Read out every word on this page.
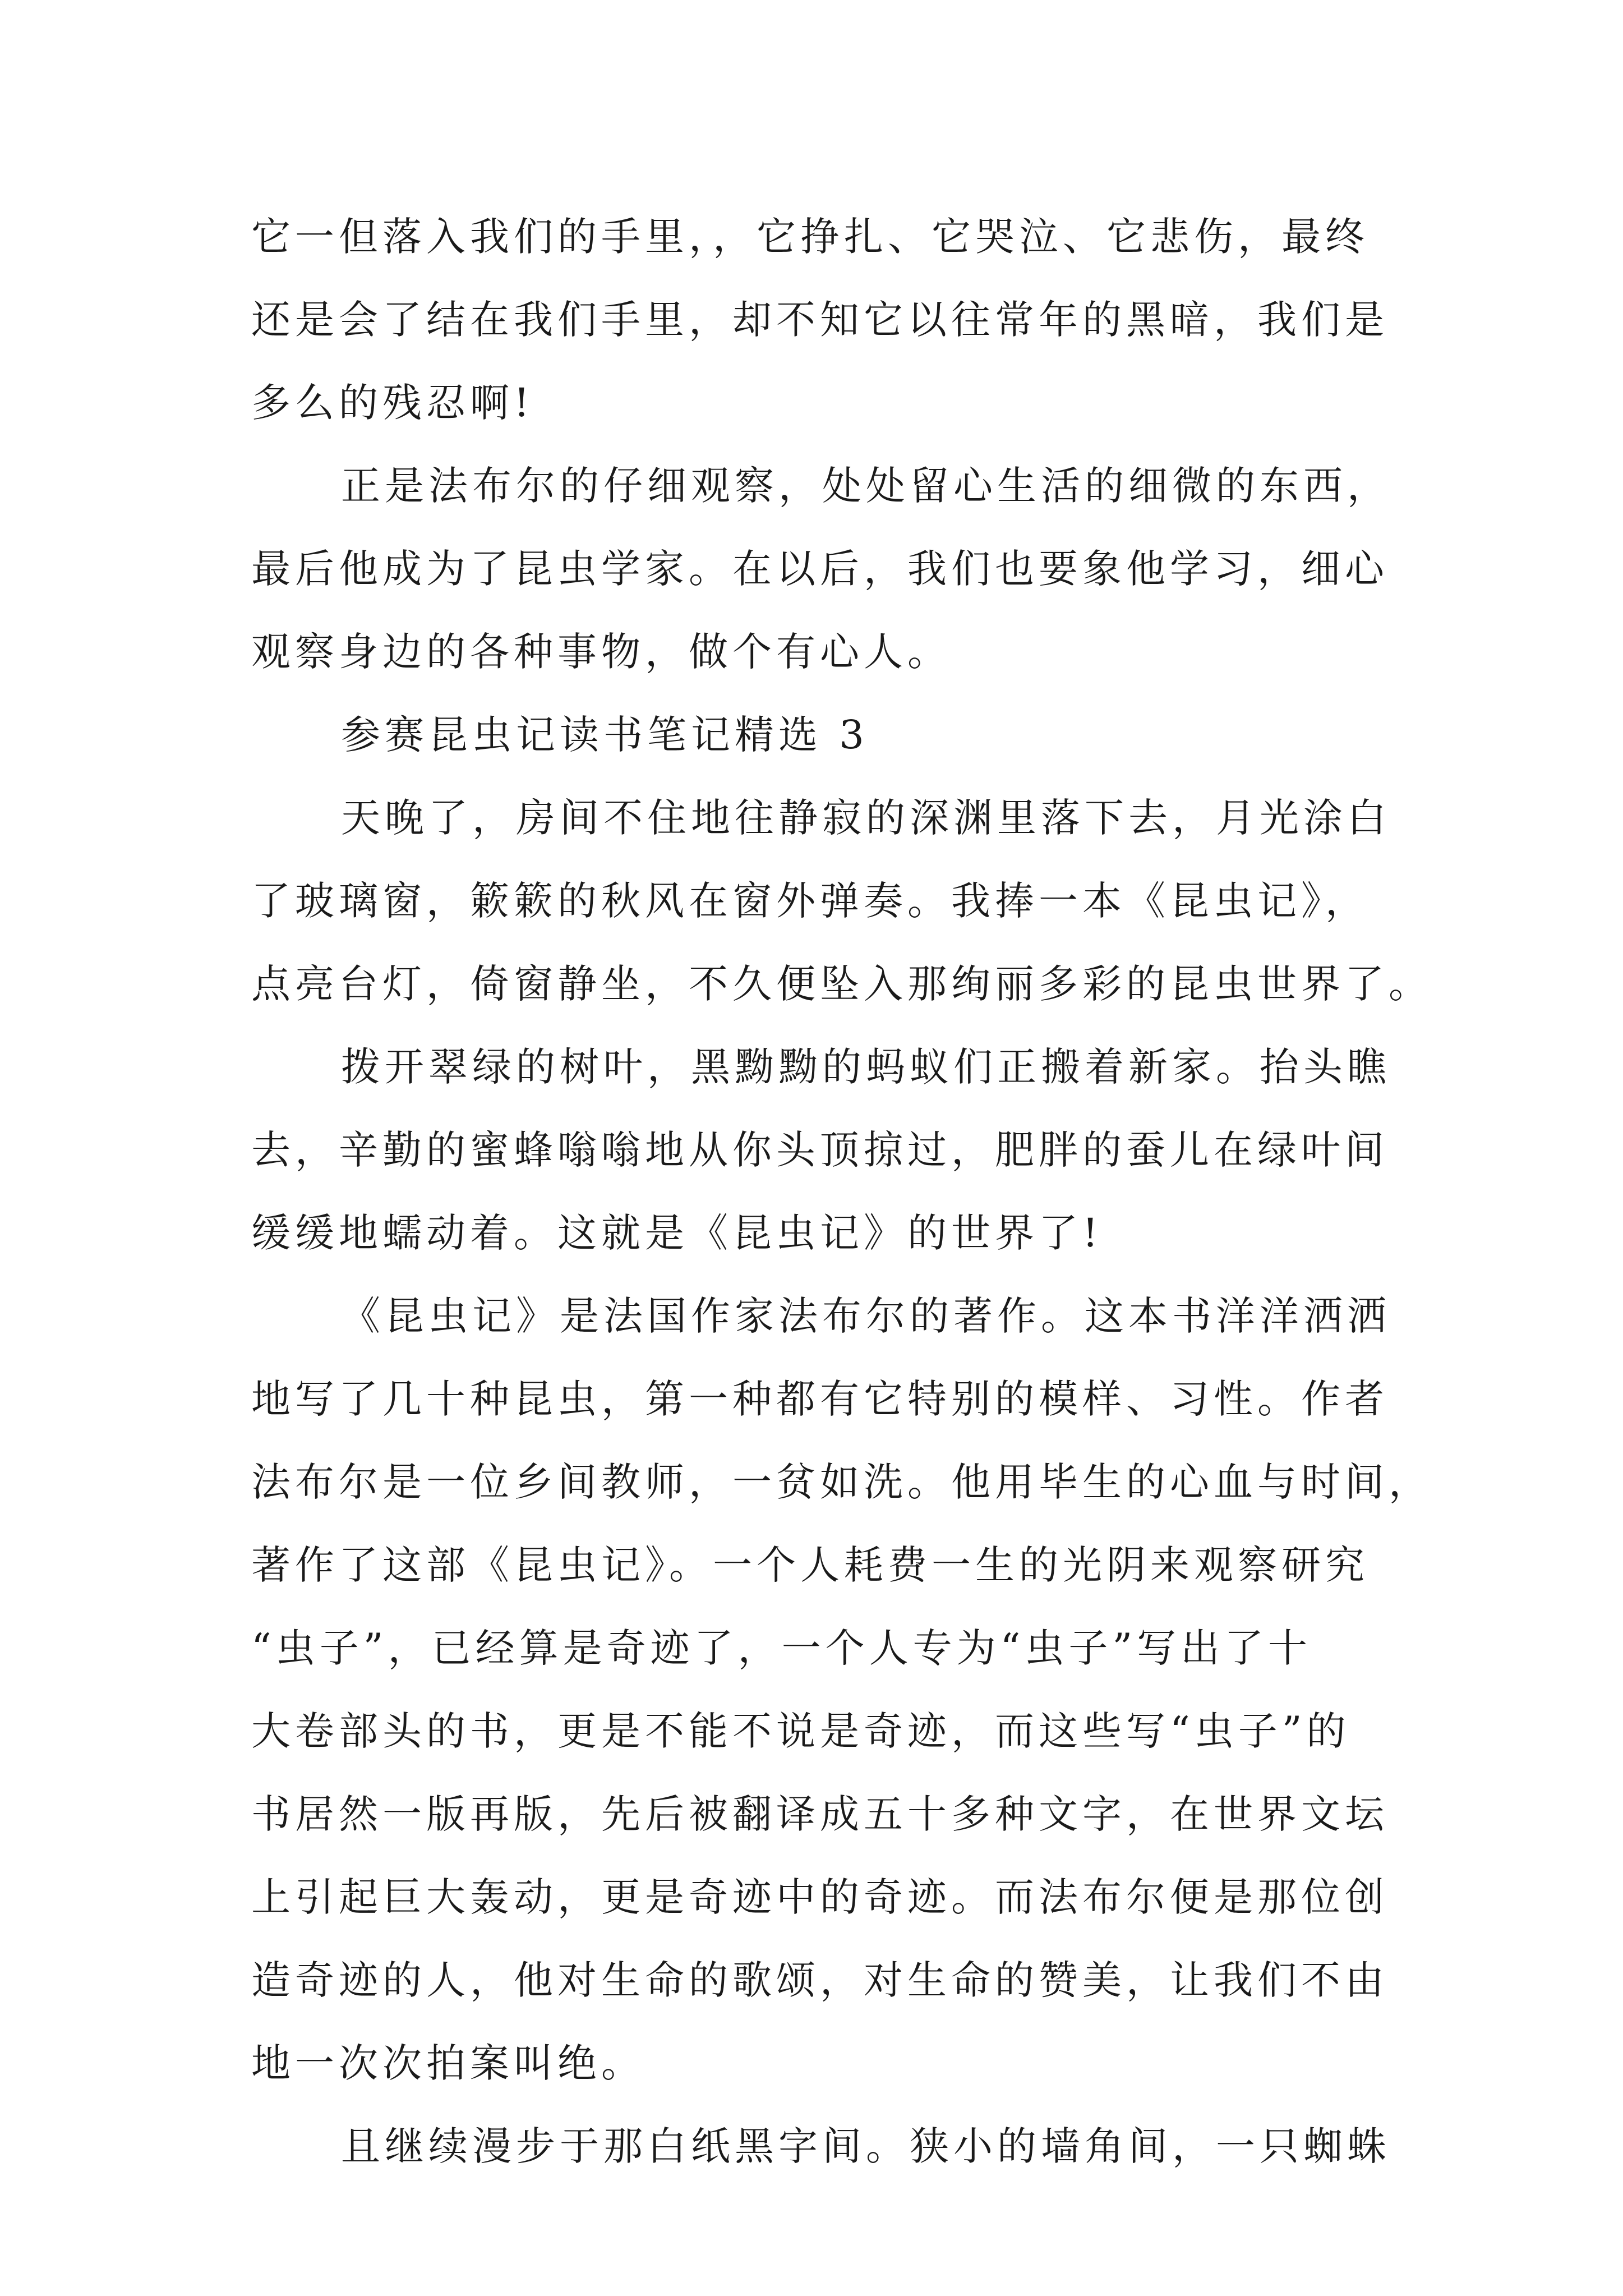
它一但落入我们的手里，，它挣扎、它哭泣、它悲伤，最终
还是会了结在我们手里，却不知它以往常年的黑暗，我们是
多么的残忍啊!
正是法布尔的仔细观察，处处留心生活的细微的东西，
最后他成为了昆虫学家。在以后，我们也要象他学习，细心
观察身边的各种事物，做个有心人。
参赛昆虫记读书笔记精选 3
天晚了，房间不住地往静寂的深渊里落下去，月光涂白
了玻璃窗，簌簌的秋风在窗外弹奏。我捧一本《昆虫记》，
点亮台灯，倚窗静坐，不久便坠入那绚丽多彩的昆虫世界了。
拨开翠绿的树叶，黑黝黝的蚂蚁们正搬着新家。抬头瞧
去，辛勤的蜜蜂嗡嗡地从你头顶掠过，肥胖的蚕儿在绿叶间
缓缓地蠕动着。这就是《昆虫记》的世界了!
《昆虫记》是法国作家法布尔的著作。这本书洋洋洒洒
地写了几十种昆虫，第一种都有它特别的模样、习性。作者
法布尔是一位乡间教师，一贫如洗。他用毕生的心血与时间，
著作了这部《昆虫记》。一个人耗费一生的光阴来观察研究
“虫子”，已经算是奇迹了，一个人专为“虫子”写出了十
大卷部头的书，更是不能不说是奇迹，而这些写“虫子”的
书居然一版再版，先后被翻译成五十多种文字，在世界文坛
上引起巨大轰动，更是奇迹中的奇迹。而法布尔便是那位创
造奇迹的人，他对生命的歌颂，对生命的赞美，让我们不由
地一次次拍案叫绝。
且继续漫步于那白纸黑字间。狭小的墙角间，一只蜘蛛
